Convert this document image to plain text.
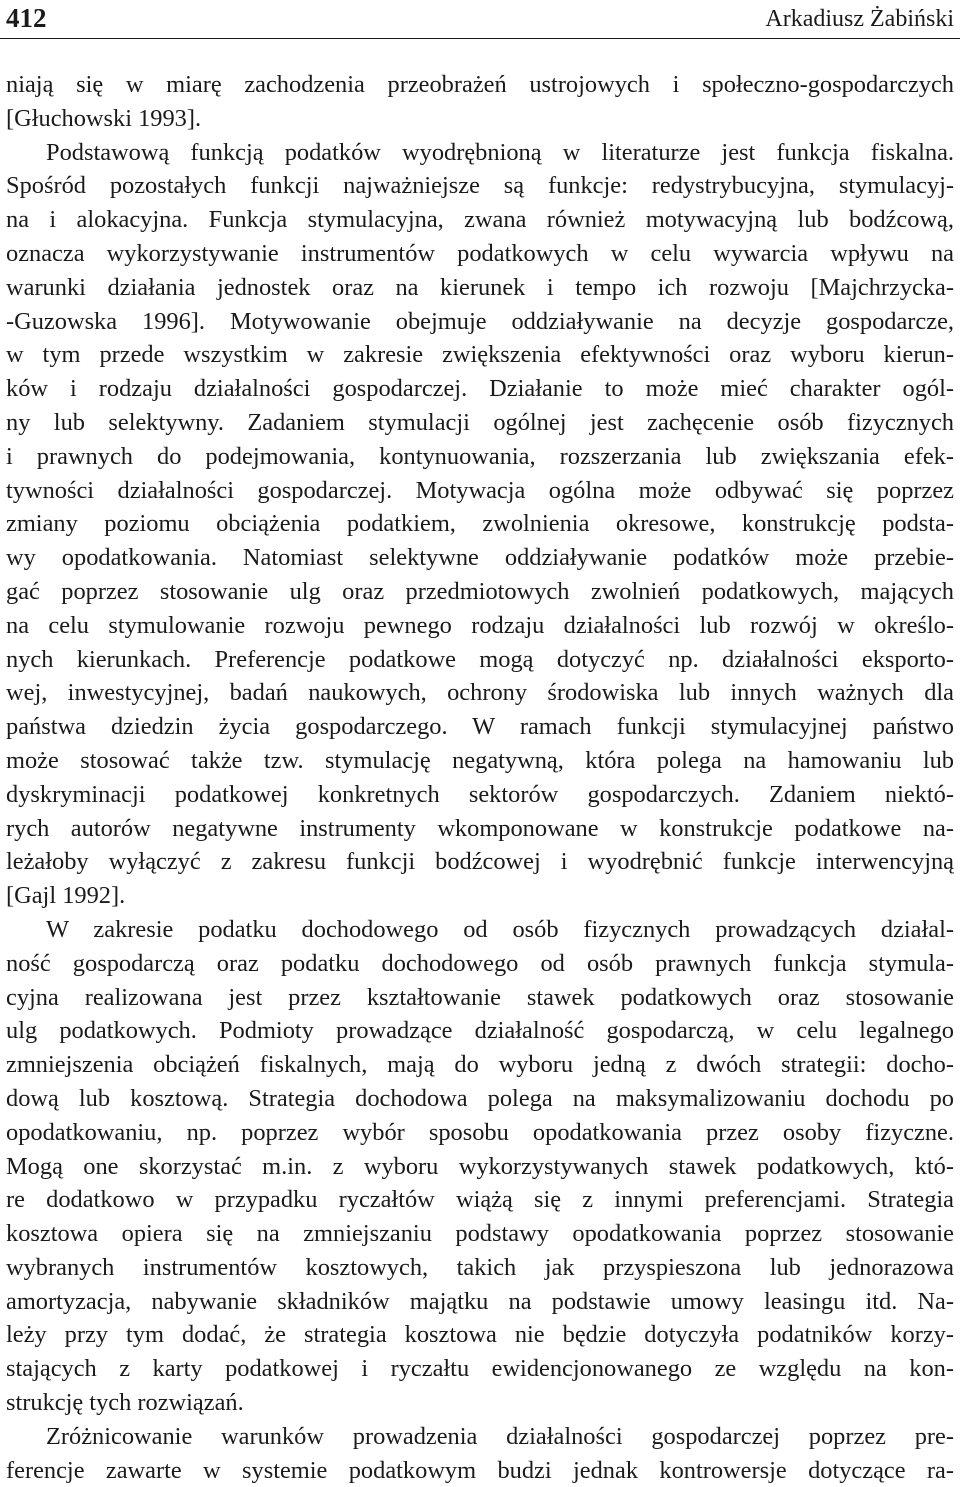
412	Arkadiusz Żabiński
niają się w miarę zachodzenia przeobrażeń ustrojowych i społeczno-gospodarczych
[Głuchowski 1993].
Podstawową funkcją podatków wyodrębnioną w literaturze jest funkcja fiskalna.
Spośród pozostałych funkcji najważniejsze są funkcje: redystrybucyjna, stymulacyj-
na i alokacyjna. Funkcja stymulacyjna, zwana również motywacyjną lub bodźcową,
oznacza wykorzystywanie instrumentów podatkowych w celu wywarcia wpływu na
warunki działania jednostek oraz na kierunek i tempo ich rozwoju [Majchrzycka-
-Guzowska 1996]. Motywowanie obejmuje oddziaływanie na decyzje gospodarcze,
w tym przede wszystkim w zakresie zwiększenia efektywności oraz wyboru kierun-
ków i rodzaju działalności gospodarczej. Działanie to może mieć charakter ogól-
ny lub selektywny. Zadaniem stymulacji ogólnej jest zachęcenie osób fizycznych
i prawnych do podejmowania, kontynuowania, rozszerzania lub zwiększania efek-
tywności działalności gospodarczej. Motywacja ogólna może odbywać się poprzez
zmiany poziomu obciążenia podatkiem, zwolnienia okresowe, konstrukcję podsta-
wy opodatkowania. Natomiast selektywne oddziaływanie podatków może przebie-
gać poprzez stosowanie ulg oraz przedmiotowych zwolnień podatkowych, mających
na celu stymulowanie rozwoju pewnego rodzaju działalności lub rozwój w określo-
nych kierunkach. Preferencje podatkowe mogą dotyczyć np. działalności eksporto-
wej, inwestycyjnej, badań naukowych, ochrony środowiska lub innych ważnych dla
państwa dziedzin życia gospodarczego. W ramach funkcji stymulacyjnej państwo
może stosować także tzw. stymulację negatywną, która polega na hamowaniu lub
dyskryminacji podatkowej konkretnych sektorów gospodarczych. Zdaniem niektó-
rych autorów negatywne instrumenty wkomponowane w konstrukcje podatkowe na-
leżałoby wyłączyć z zakresu funkcji bodźcowej i wyodrębnić funkcje interwencyjną
[Gajl 1992].
W zakresie podatku dochodowego od osób fizycznych prowadzących działal-
ność gospodarczą oraz podatku dochodowego od osób prawnych funkcja stymula-
cyjna realizowana jest przez kształtowanie stawek podatkowych oraz stosowanie
ulg podatkowych. Podmioty prowadzące działalność gospodarczą, w celu legalnego
zmniejszenia obciążeń fiskalnych, mają do wyboru jedną z dwóch strategii: docho-
dową lub kosztową. Strategia dochodowa polega na maksymalizowaniu dochodu po
opodatkowaniu, np. poprzez wybór sposobu opodatkowania przez osoby fizyczne.
Mogą one skorzystać m.in. z wyboru wykorzystywanych stawek podatkowych, któ-
re dodatkowo w przypadku ryczałtów wiążą się z innymi preferencjami. Strategia
kosztowa opiera się na zmniejszaniu podstawy opodatkowania poprzez stosowanie
wybranych instrumentów kosztowych, takich jak przyspieszona lub jednorazowa
amortyzacja, nabywanie składników majątku na podstawie umowy leasingu itd. Na-
leży przy tym dodać, że strategia kosztowa nie będzie dotyczyła podatników korzy-
stających z karty podatkowej i ryczałtu ewidencjonowanego ze względu na kon-
strukcję tych rozwiązań.
Zróżnicowanie warunków prowadzenia działalności gospodarczej poprzez pre-
ferencje zawarte w systemie podatkowym budzi jednak kontrowersje dotyczące ra-
